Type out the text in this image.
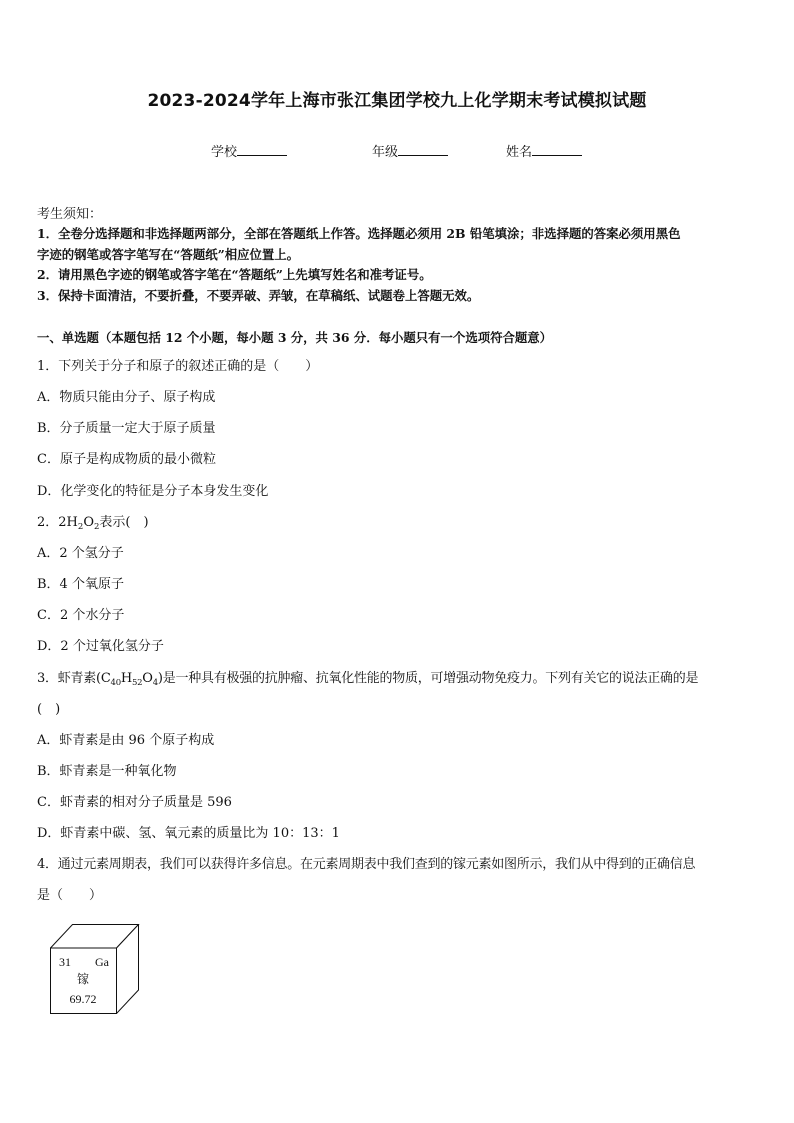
2023-2024学年上海市张江集团学校九上化学期末考试模拟试题
学校	年级	姓名
考生须知：
1．全卷分选择题和非选择题两部分，全部在答题纸上作答。选择题必须用 2B 铅笔填涂；非选择题的答案必须用黑色
字迹的钢笔或答字笔写在“答题纸”相应位置上。
2．请用黑色字迹的钢笔或答字笔在“答题纸”上先填写姓名和准考证号。
3．保持卡面清洁，不要折叠，不要弄破、弄皱，在草稿纸、试题卷上答题无效。
一、单选题（本题包括 12 个小题，每小题 3 分，共 36 分．每小题只有一个选项符合题意）
1．下列关于分子和原子的叙述正确的是（　　）
A．物质只能由分子、原子构成
B．分子质量一定大于原子质量
C．原子是构成物质的最小微粒
D．化学变化的特征是分子本身发生变化
2．$2H_2O_2$表示(　)
A．2 个氢分子
B．4 个氧原子
C．2 个水分子
D．2 个过氧化氢分子
3．虾青素$(C_{40}H_{52}O_4)$是一种具有极强的抗肿瘤、抗氧化性能的物质，可增强动物免疫力。下列有关它的说法正确的是
(　)
A．虾青素是由 96 个原子构成
B．虾青素是一种氧化物
C．虾青素的相对分子质量是 596
D．虾青素中碳、氢、氧元素的质量比为 10：13：1
4．通过元素周期表，我们可以获得许多信息。在元素周期表中我们查到的镓元素如图所示，我们从中得到的正确信息
是（　　）
31 Ga
镓
69.72
